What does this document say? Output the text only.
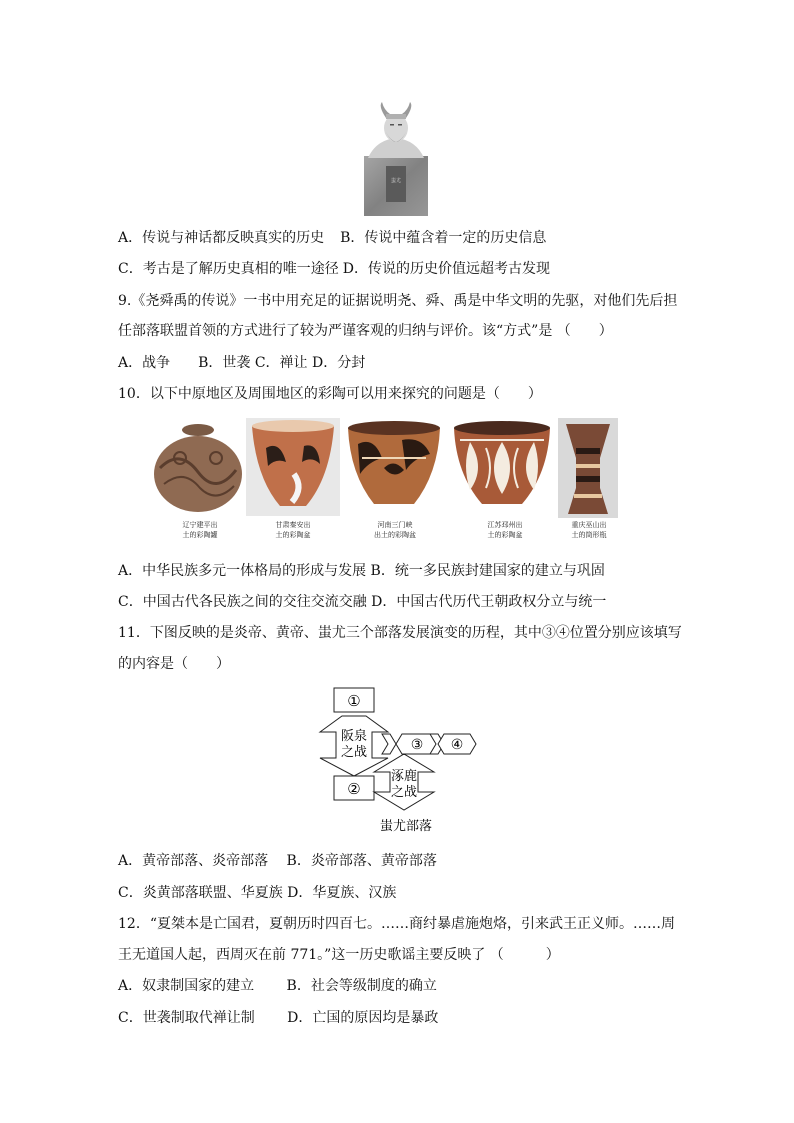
蚩尤
A．传说与神话都反映真实的历史 B．传说中蕴含着一定的历史信息
C．考古是了解历史真相的唯一途径 D．传说的历史价值远超考古发现
9.《尧舜禹的传说》一书中用充足的证据说明尧、舜、禹是中华文明的先驱，对他们先后担
任部落联盟首领的方式进行了较为严谨客观的归纳与评价。该“方式”是 （　　）
A．战争　　B．世袭 C．禅让 D．分封
10．以下中原地区及周围地区的彩陶可以用来探究的问题是（　　）
辽宁建平出
土的彩陶罐
甘肃秦安出
土的彩陶盆
河南三门峡
出土的彩陶盆
江苏邳州出
土的彩陶盆
重庆巫山出
土的筒形瓶
A．中华民族多元一体格局的形成与发展 B．统一多民族封建国家的建立与巩固
C．中国古代各民族之间的交往交流交融 D．中国古代历代王朝政权分立与统一
11．下图反映的是炎帝、黄帝、蚩尤三个部落发展演变的历程，其中③④位置分别应该填写
的内容是（　　）
①
阪泉
之战	③ ④
②
涿鹿
之战
蚩尤部落
A．黄帝部落、炎帝部落　 B．炎帝部落、黄帝部落
C．炎黄部落联盟、华夏族 D．华夏族、汉族
12．“夏桀本是亡国君，夏朝历时四百七。……商纣暴虐施炮烙，引来武王正义师。……周
王无道国人起，西周灭在前 771。”这一历史歌谣主要反映了 （　　　）
A．奴隶制国家的建立　　 B．社会等级制度的确立
C．世袭制取代禅让制　　 D．亡国的原因均是暴政
